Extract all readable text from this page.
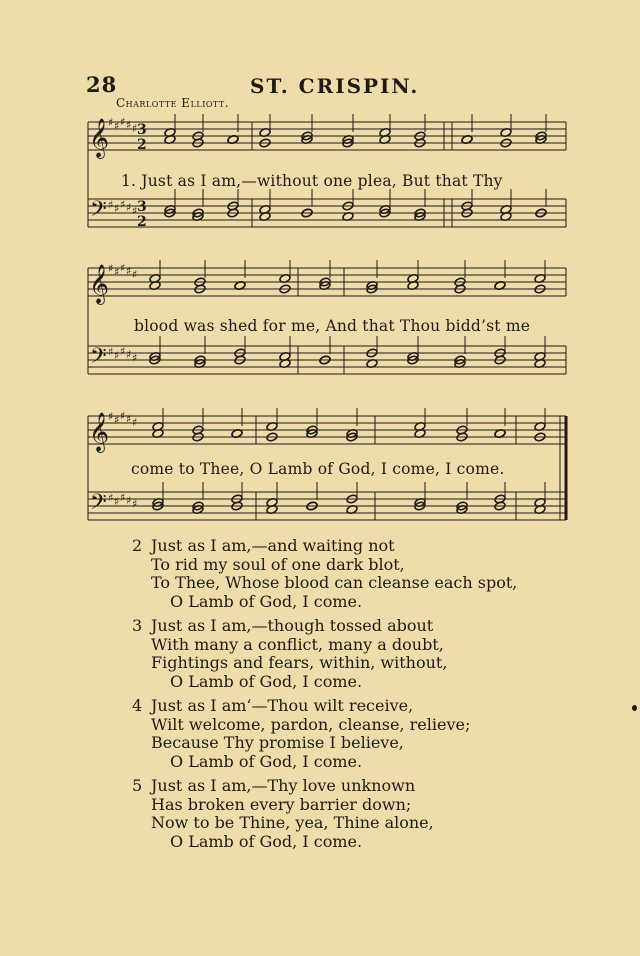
28	ST. CRISPIN.
Charlotte Elliott.
𝄞
𝄢
♯ ♯ ♯ ♯ ♯
♯ ♯ ♯ ♯ ♯
3
2
3
2
1. Just as I am,—without one plea, But that Thy
𝄞
𝄢
♯ ♯ ♯ ♯ ♯
♯ ♯ ♯ ♯ ♯
blood was shed for me, And that Thou bidd’st me
𝄞
𝄢
♯ ♯ ♯ ♯ ♯
♯ ♯ ♯ ♯ ♯
come to Thee, O Lamb of God, I come, I come.
2 Just as I am,—and waiting not
To rid my soul of one dark blot,
To Thee, Whose blood can cleanse each spot,
O Lamb of God, I come.
3 Just as I am,—though tossed about
With many a conflict, many a doubt,
Fightings and fears, within, without,
O Lamb of God, I come.
4 Just as I am‘—Thou wilt receive,
Wilt welcome, pardon, cleanse, relieve;
Because Thy promise I believe,
O Lamb of God, I come.
5 Just as I am,—Thy love unknown
Has broken every barrier down;
Now to be Thine, yea, Thine alone,
O Lamb of God, I come.
